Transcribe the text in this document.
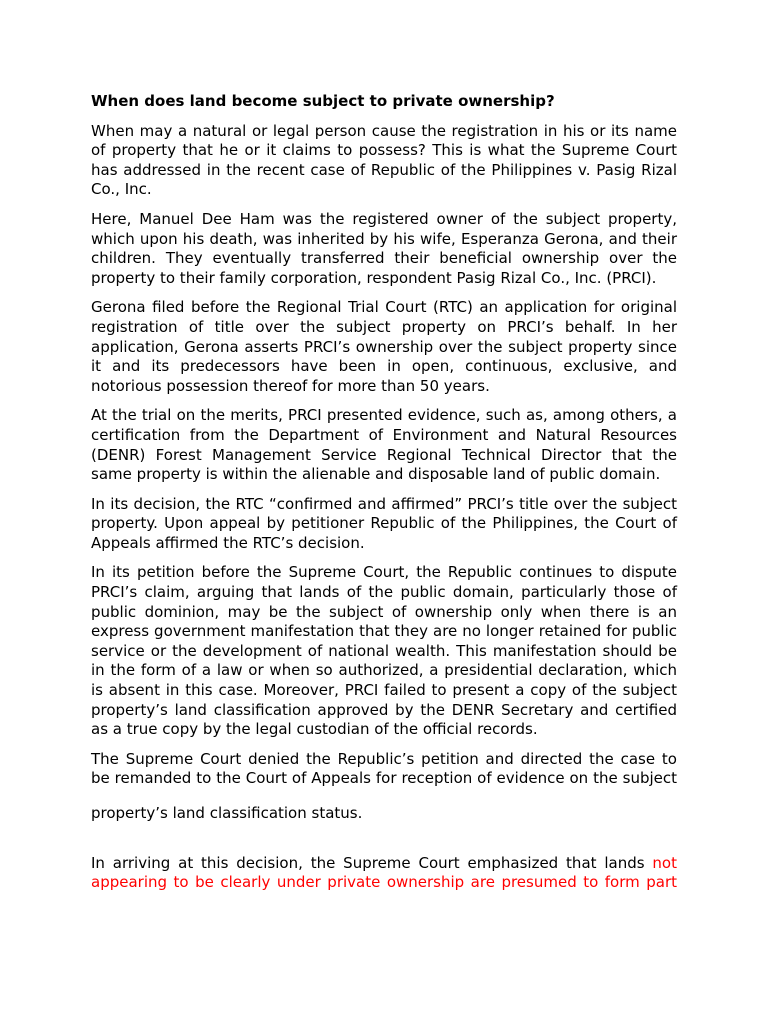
When does land become subject to private ownership?

When may a natural or legal person cause the registration in his or its name of property that he or it claims to possess? This is what the Supreme Court has addressed in the recent case of Republic of the Philippines v. Pasig Rizal Co., Inc.

Here, Manuel Dee Ham was the registered owner of the subject property, which upon his death, was inherited by his wife, Esperanza Gerona, and their children. They eventually transferred their beneficial ownership over the property to their family corporation, respondent Pasig Rizal Co., Inc. (PRCI).

Gerona filed before the Regional Trial Court (RTC) an application for original registration of title over the subject property on PRCI’s behalf. In her application, Gerona asserts PRCI’s ownership over the subject property since it and its predecessors have been in open, continuous, exclusive, and notorious possession thereof for more than 50 years.

At the trial on the merits, PRCI presented evidence, such as, among others, a certification from the Department of Environment and Natural Resources (DENR) Forest Management Service Regional Technical Director that the same property is within the alienable and disposable land of public domain.

In its decision, the RTC “confirmed and affirmed” PRCI’s title over the subject property. Upon appeal by petitioner Republic of the Philippines, the Court of Appeals affirmed the RTC’s decision.

In its petition before the Supreme Court, the Republic continues to dispute PRCI’s claim, arguing that lands of the public domain, particularly those of public dominion, may be the subject of ownership only when there is an express government manifestation that they are no longer retained for public service or the development of national wealth. This manifestation should be in the form of a law or when so authorized, a presidential declaration, which is absent in this case. Moreover, PRCI failed to present a copy of the subject property’s land classification approved by the DENR Secretary and certified as a true copy by the legal custodian of the official records.

The Supreme Court denied the Republic’s petition and directed the case to be remanded to the Court of Appeals for reception of evidence on the subject

property’s land classification status.

In arriving at this decision, the Supreme Court emphasized that lands not appearing to be clearly under private ownership are presumed to form part
